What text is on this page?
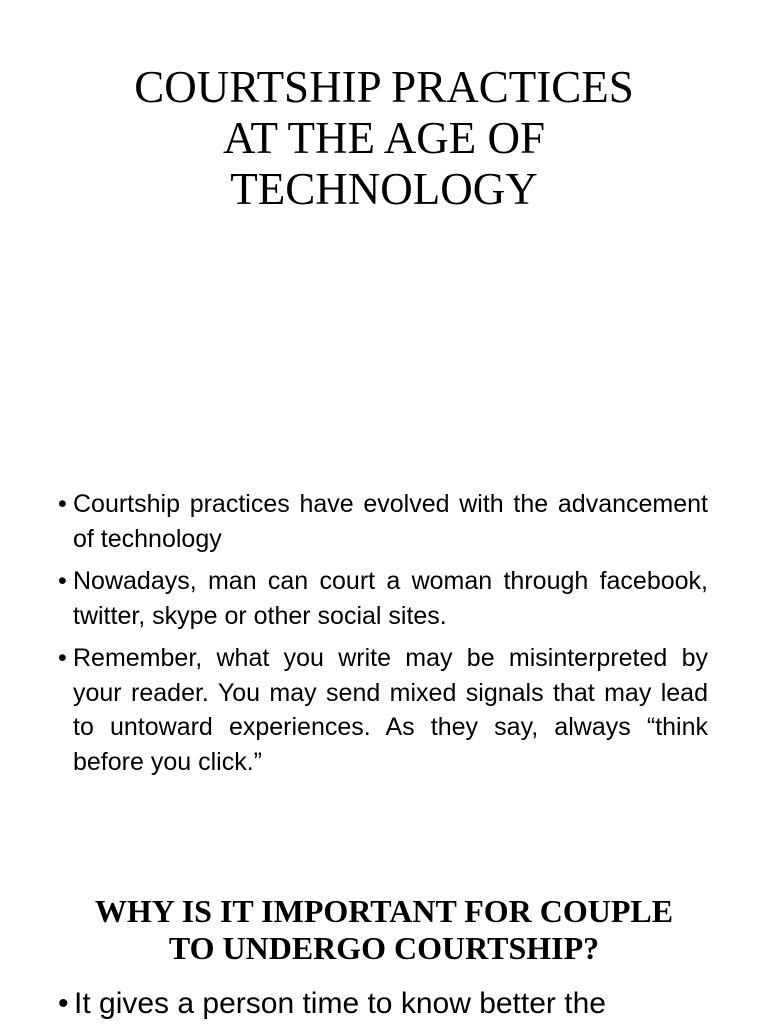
COURTSHIP PRACTICES
AT THE AGE OF
TECHNOLOGY
• Courtship practices have evolved with the advancement of technology
• Nowadays, man can court a woman through facebook, twitter, skype or other social sites.
• Remember, what you write may be misinterpreted by your reader. You may send mixed signals that may lead to untoward experiences. As they say, always “think before you click.”
WHY IS IT IMPORTANT FOR COUPLE
TO UNDERGO COURTSHIP?
• It gives a person time to know better the
